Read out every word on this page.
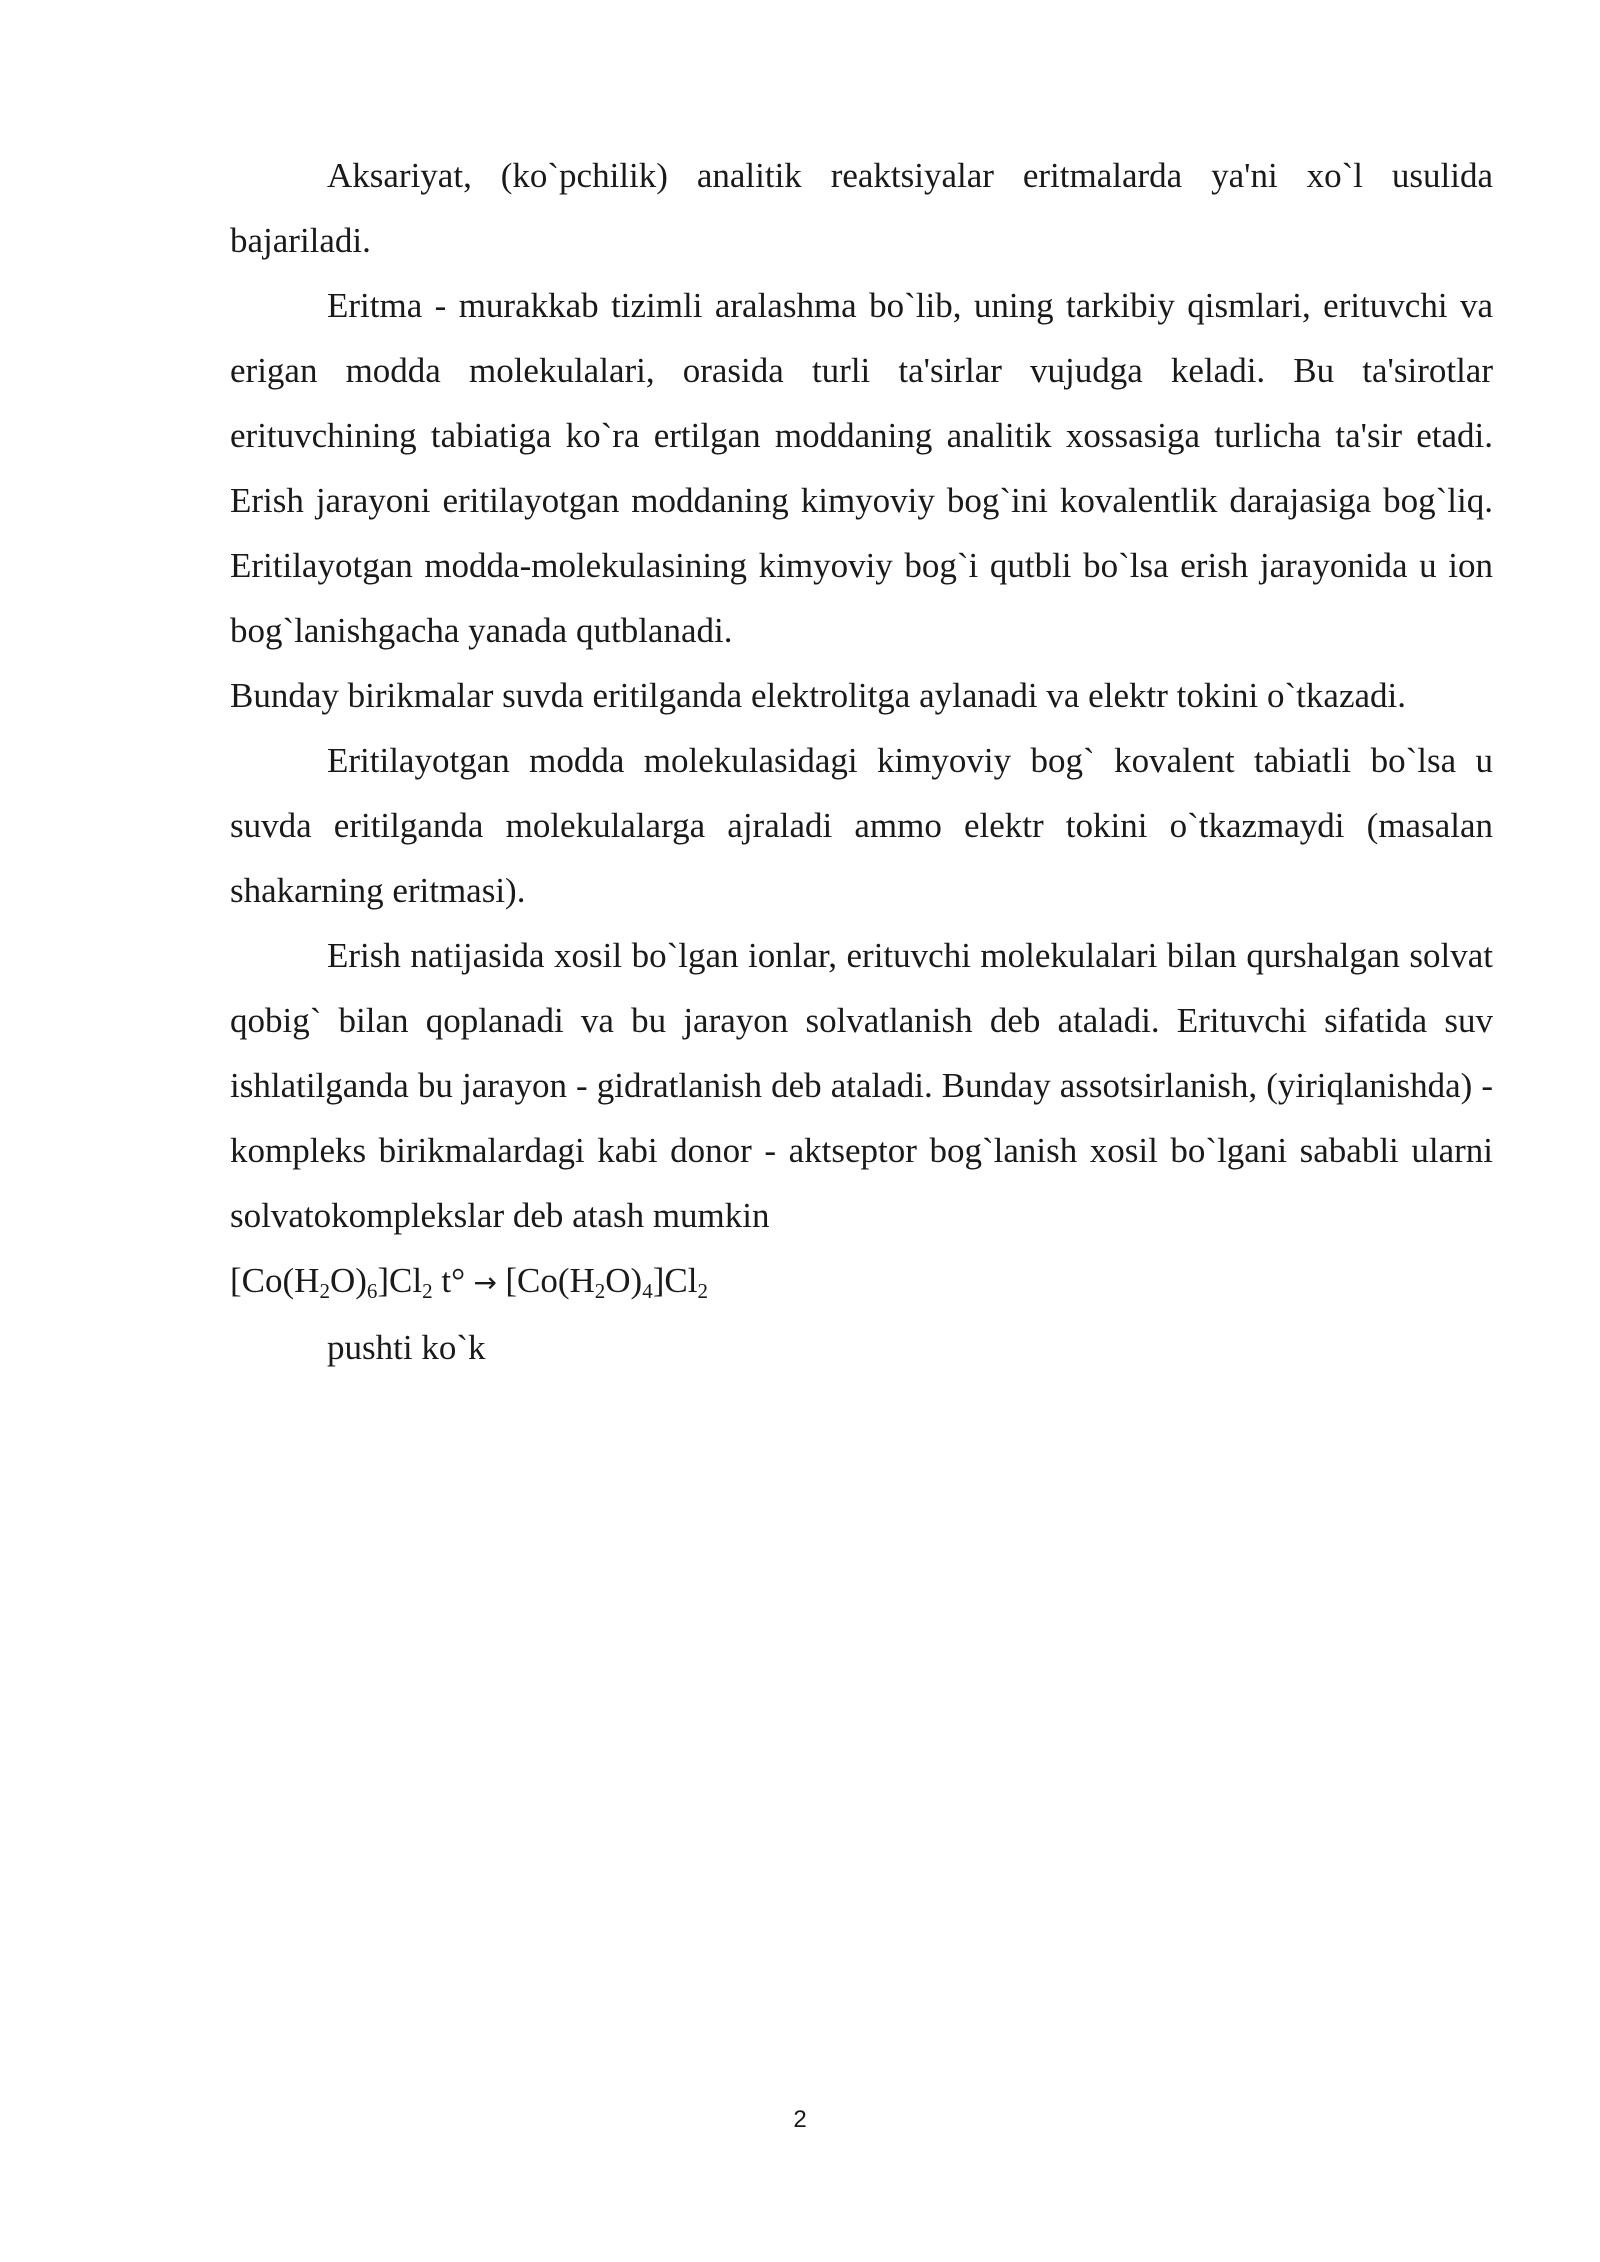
Aksariyat, (ko`pchilik) analitik reaktsiyalar eritmalarda ya'ni xo`l usulida bajariladi.

Eritma - murakkab tizimli aralashma bo`lib, uning tarkibiy qismlari, erituvchi va erigan modda molekulalari, orasida turli ta'sirlar vujudga keladi. Bu ta'sirotlar erituvchining tabiatiga ko`ra ertilgan moddaning analitik xossasiga turlicha ta'sir etadi. Erish jarayoni eritilayotgan moddaning kimyoviy bog`ini kovalentlik darajasiga bog`liq. Eritilayotgan modda-molekulasining kimyoviy bog`i qutbli bo`lsa erish jarayonida u ion bog`lanishgacha yanada qutblanadi.

Bunday birikmalar suvda eritilganda elektrolitga aylanadi va elektr tokini o`tkazadi.

Eritilayotgan modda molekulasidagi kimyoviy bog` kovalent tabiatli bo`lsa u suvda eritilganda molekulalarga ajraladi ammo elektr tokini o`tkazmaydi (masalan shakarning eritmasi).

Erish natijasida xosil bo`lgan ionlar, erituvchi molekulalari bilan qurshalgan solvat qobig` bilan qoplanadi va bu jarayon solvatlanish deb ataladi. Erituvchi sifatida suv ishlatilganda bu jarayon - gidratlanish deb ataladi. Bunday assotsirlanish, (yiriqlanishda) - kompleks birikmalardagi kabi donor - aktseptor bog`lanish xosil bo`lgani sababli ularni solvatokomplekslar deb atash mumkin

$[Co(H_2O)_6]Cl_2$ $t^\circ \to [Co(H_2O)_4]Cl_2$

pushti ko`k

2
